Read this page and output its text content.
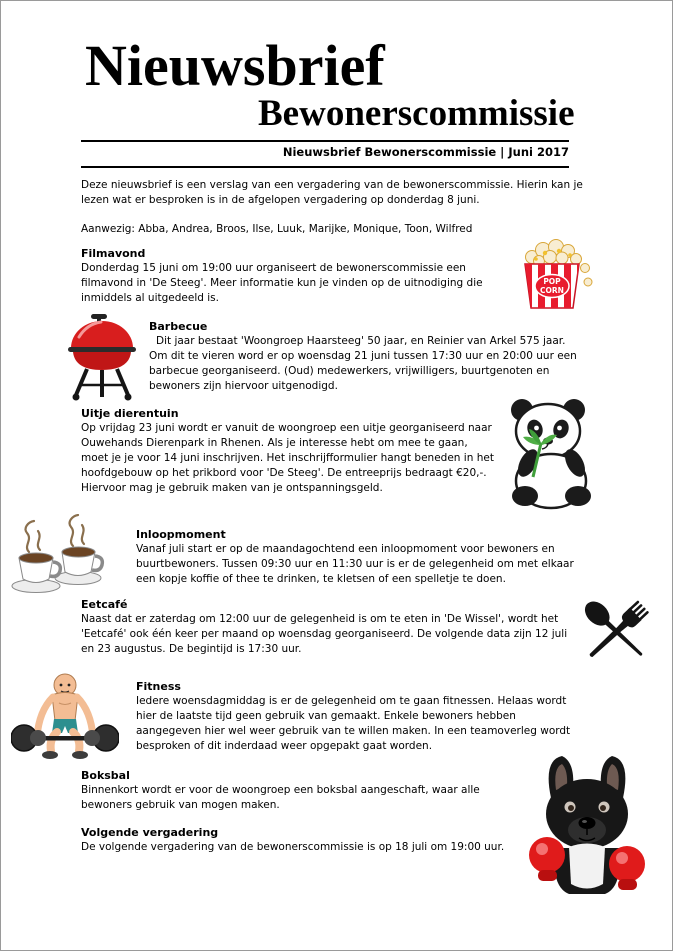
Nieuwsbrief
Bewonerscommissie
Nieuwsbrief Bewonerscommissie | Juni 2017

Deze nieuwsbrief is een verslag van een vergadering van de bewonerscommissie. Hierin kan je lezen wat er besproken is in de afgelopen vergadering op donderdag 8 juni.

Aanwezig: Abba, Andrea, Broos, Ilse, Luuk, Marijke, Monique, Toon, Wilfred

POP
CORN
Filmavond

Donderdag 15 juni om 19:00 uur organiseert de bewonerscommissie een filmavond in 'De Steeg'. Meer informatie kun je vinden op de uitnodiging die inmiddels al uitgedeeld is.

Barbecue

Dit jaar bestaat 'Woongroep Haarsteeg' 50 jaar, en Reinier van Arkel 575 jaar. Om dit te vieren word er op woensdag 21 juni tussen 17:30 uur en 20:00 uur een barbecue georganiseerd. (Oud) medewerkers, vrijwilligers, buurtgenoten en bewoners zijn hiervoor uitgenodigd.

Uitje dierentuin

Op vrijdag 23 juni wordt er vanuit de woongroep een uitje georganiseerd naar Ouwehands Dierenpark in Rhenen. Als je interesse hebt om mee te gaan, moet je je voor 14 juni inschrijven. Het inschrijfformulier hangt beneden in het hoofdgebouw op het prikbord voor 'De Steeg'. De entreeprijs bedraagt €20,-. Hiervoor mag je gebruik maken van je ontspanningsgeld.

Inloopmoment

Vanaf juli start er op de maandagochtend een inloopmoment voor bewoners en buurtbewoners. Tussen 09:30 uur en 11:30 uur is er de gelegenheid om met elkaar een kopje koffie of thee te drinken, te kletsen of een spelletje te doen.

Eetcafé

Naast dat er zaterdag om 12:00 uur de gelegenheid is om te eten in 'De Wissel', wordt het 'Eetcafé' ook één keer per maand op woensdag georganiseerd. De volgende data zijn 12 juli en 23 augustus. De begintijd is 17:30 uur.

Fitness

Iedere woensdagmiddag is er de gelegenheid om te gaan fitnessen. Helaas wordt hier de laatste tijd geen gebruik van gemaakt. Enkele bewoners hebben aangegeven hier wel weer gebruik van te willen maken. In een teamoverleg wordt besproken of dit inderdaad weer opgepakt gaat worden.

Boksbal

Binnenkort wordt er voor de woongroep een boksbal aangeschaft, waar alle bewoners gebruik van mogen maken.

Volgende vergadering

De volgende vergadering van de bewonerscommissie is op 18 juli om 19:00 uur.
